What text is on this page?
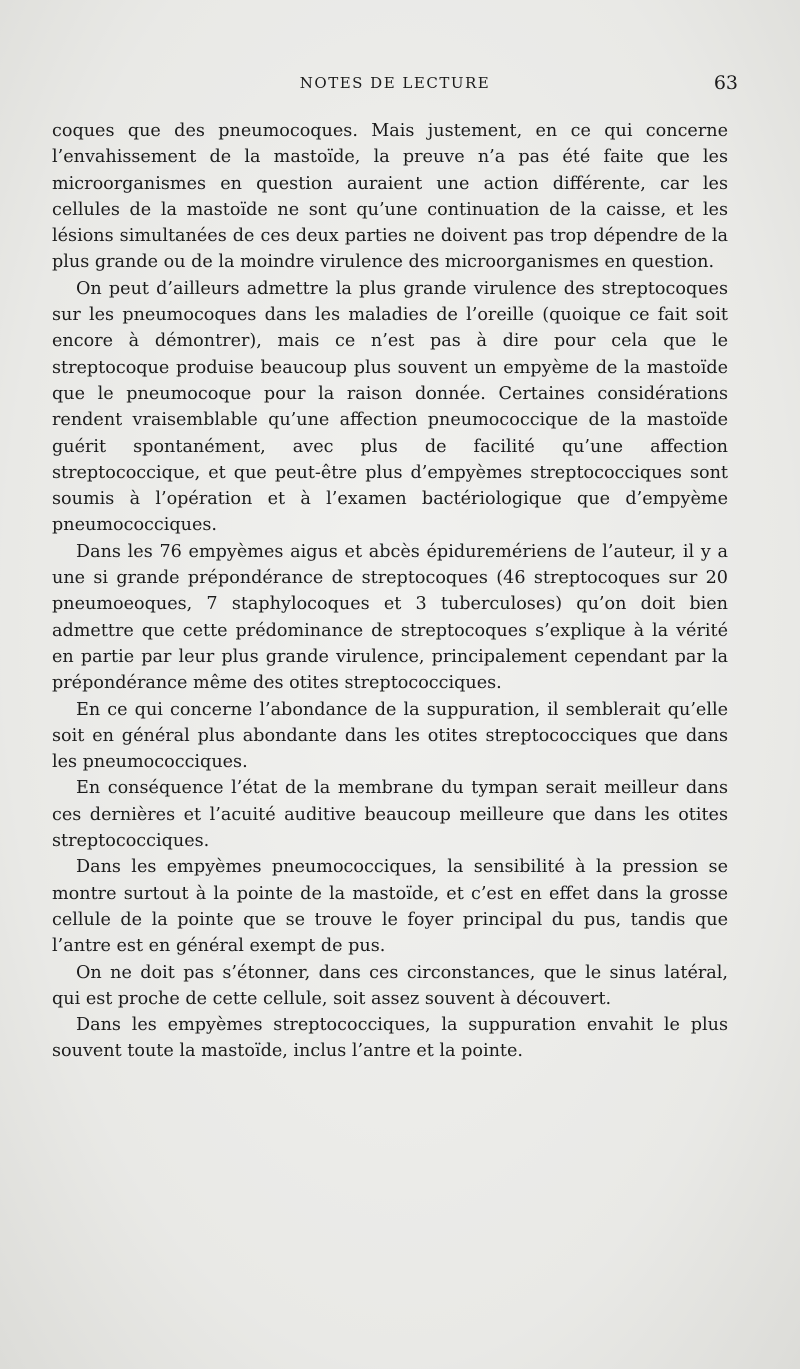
NOTES DE LECTURE	63

coques que des pneumocoques. Mais justement, en ce qui concerne l’envahissement de la mastoïde, la preuve n’a pas été faite que les microorganismes en question auraient une action différente, car les cellules de la mastoïde ne sont qu’une continuation de la caisse, et les lésions simultanées de ces deux parties ne doivent pas trop dépendre de la plus grande ou de la moindre virulence des microorganismes en question.

On peut d’ailleurs admettre la plus grande virulence des streptocoques sur les pneumocoques dans les maladies de l’oreille (quoique ce fait soit encore à démontrer), mais ce n’est pas à dire pour cela que le streptocoque produise beaucoup plus souvent un empyème de la mastoïde que le pneumocoque pour la raison donnée. Certaines considérations rendent vraisemblable qu’une affection pneumococcique de la mastoïde guérit spontanément, avec plus de facilité qu’une affection streptococcique, et que peut-être plus d’empyèmes streptococciques sont soumis à l’opération et à l’examen bactériologique que d’empyème pneumococciques.

Dans les 76 empyèmes aigus et abcès épiduremériens de l’auteur, il y a une si grande prépondérance de streptocoques (46 streptocoques sur 20 pneumoeoques, 7 staphylocoques et 3 tuberculoses) qu’on doit bien admettre que cette prédominance de streptocoques s’explique à la vérité en partie par leur plus grande virulence, principalement cependant par la prépondérance même des otites streptococciques.

En ce qui concerne l’abondance de la suppuration, il semblerait qu’elle soit en général plus abondante dans les otites streptococciques que dans les pneumococciques.

En conséquence l’état de la membrane du tympan serait meilleur dans ces dernières et l’acuité auditive beaucoup meilleure que dans les otites streptococciques.

Dans les empyèmes pneumococciques, la sensibilité à la pression se montre surtout à la pointe de la mastoïde, et c’est en effet dans la grosse cellule de la pointe que se trouve le foyer principal du pus, tandis que l’antre est en général exempt de pus.

On ne doit pas s’étonner, dans ces circonstances, que le sinus latéral, qui est proche de cette cellule, soit assez souvent à découvert.

Dans les empyèmes streptococciques, la suppuration envahit le plus souvent toute la mastoïde, inclus l’antre et la pointe.
